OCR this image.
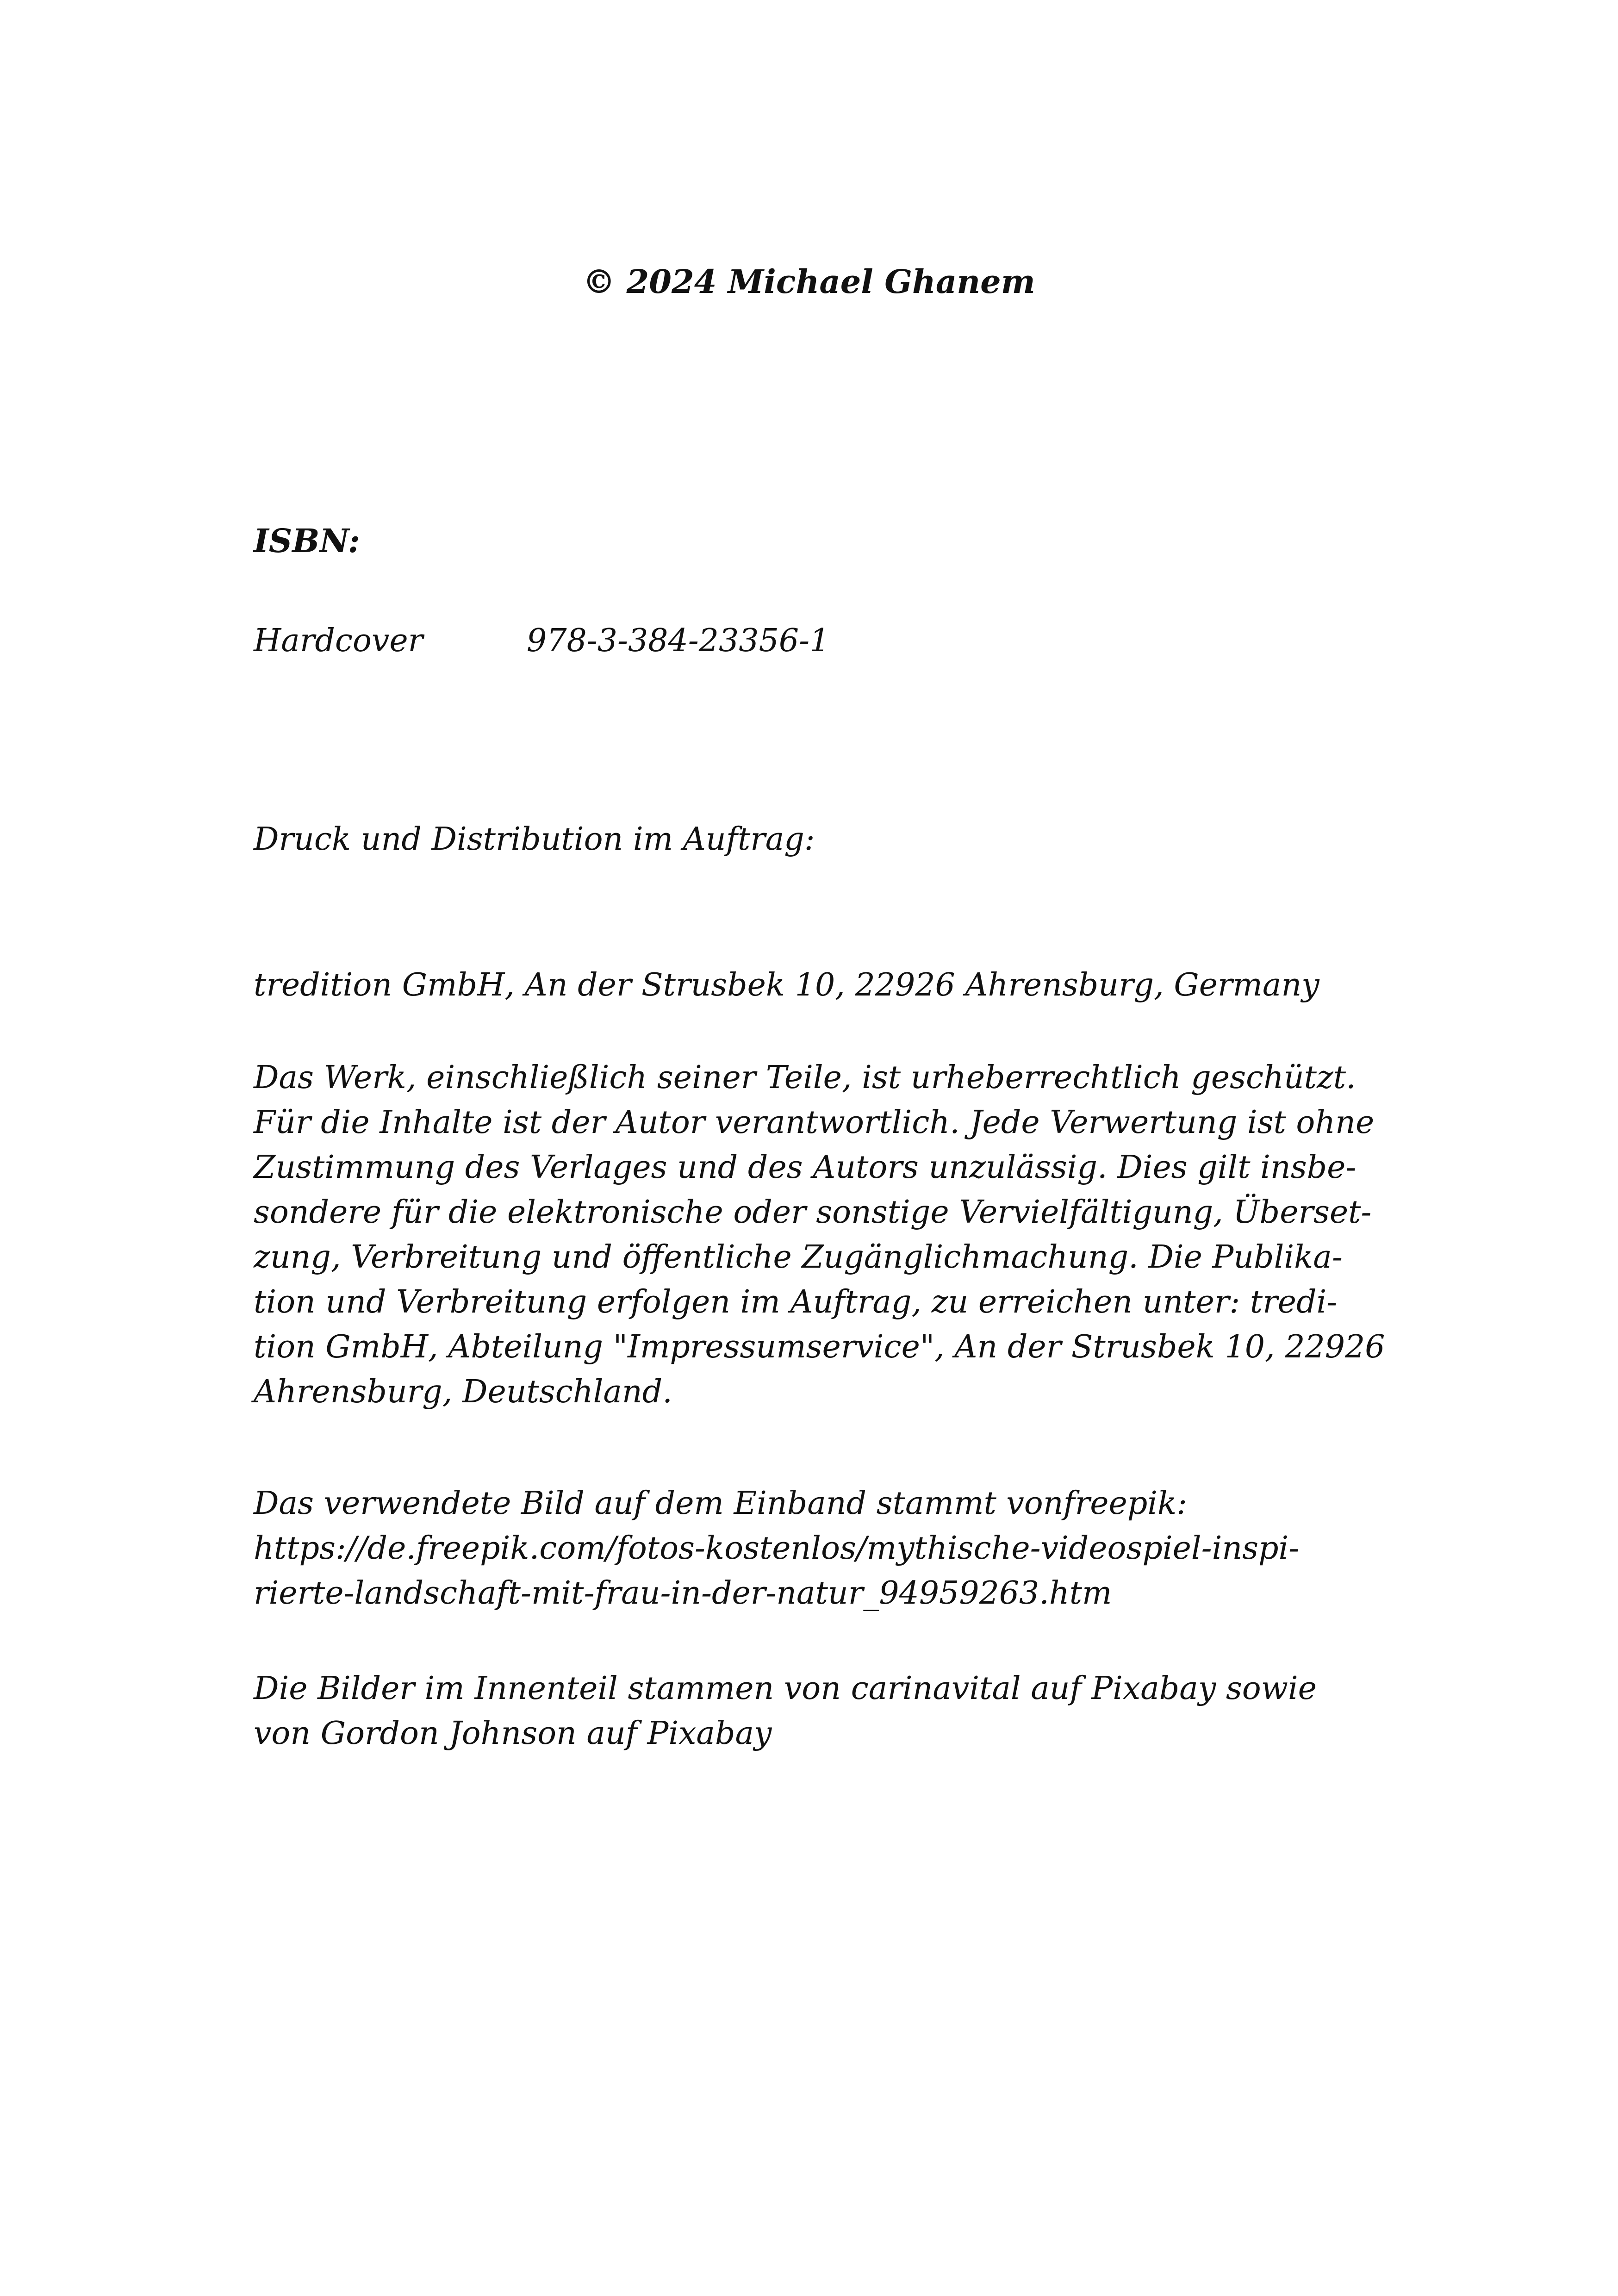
© 2024 Michael Ghanem

ISBN:

Hardcover	978-3-384-23356-1

Druck und Distribution im Auftrag:

tredition GmbH, An der Strusbek 10, 22926 Ahrensburg, Germany

Das Werk, einschließlich seiner Teile, ist urheberrechtlich geschützt.
Für die Inhalte ist der Autor verantwortlich. Jede Verwertung ist ohne
Zustimmung des Verlages und des Autors unzulässig. Dies gilt insbe-
sondere für die elektronische oder sonstige Vervielfältigung, Überset-
zung, Verbreitung und öffentliche Zugänglichmachung. Die Publika-
tion und Verbreitung erfolgen im Auftrag, zu erreichen unter: tredi-
tion GmbH, Abteilung "Impressumservice", An der Strusbek 10, 22926
Ahrensburg, Deutschland.
Das verwendete Bild auf dem Einband stammt vonfreepik:
https://de.freepik.com/fotos-kostenlos/mythische-videospiel-inspi-
rierte-landschaft-mit-frau-in-der-natur_94959263.htm
Die Bilder im Innenteil stammen von carinavital auf Pixabay sowie
von Gordon Johnson auf Pixabay
